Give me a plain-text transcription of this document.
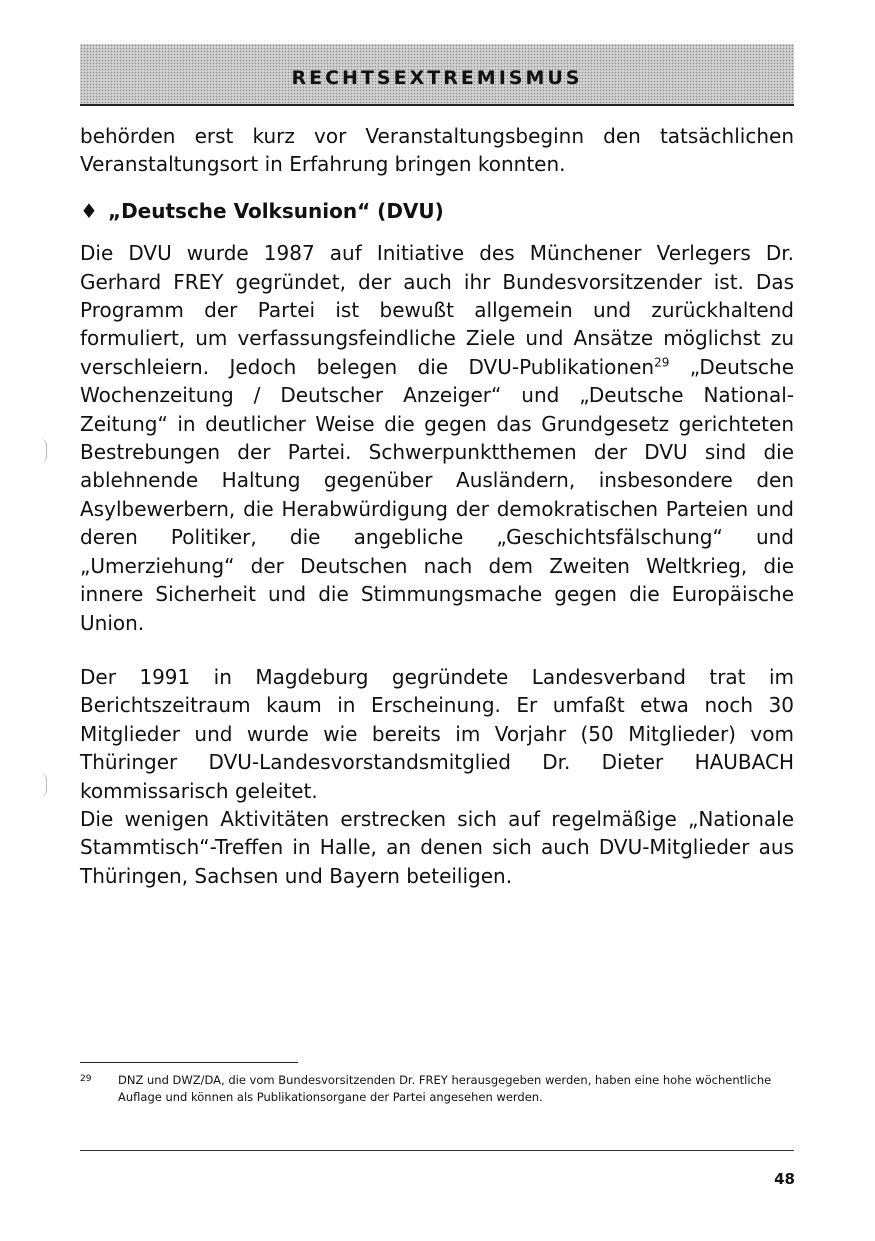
RECHTSEXTREMISMUS

behörden erst kurz vor Veranstaltungsbeginn den tatsächlichen Veranstaltungsort in Erfahrung bringen konnten.

♦ „Deutsche Volksunion“ (DVU)

Die DVU wurde 1987 auf Initiative des Münchener Verlegers Dr. Gerhard FREY gegründet, der auch ihr Bundesvorsitzender ist. Das Programm der Partei ist bewußt allgemein und zurückhaltend formuliert, um verfassungsfeindliche Ziele und Ansätze möglichst zu verschleiern. Jedoch belegen die DVU-Publikationen$^{29}$ „Deutsche Wochenzeitung / Deutscher Anzeiger“ und „Deutsche National-Zeitung“ in deutlicher Weise die gegen das Grundgesetz gerichteten Bestrebungen der Partei. Schwerpunktthemen der DVU sind die ablehnende Haltung gegenüber Ausländern, insbesondere den Asylbewerbern, die Herabwürdigung der demokratischen Parteien und deren Politiker, die angebliche „Geschichtsfälschung“ und „Umerziehung“ der Deutschen nach dem Zweiten Weltkrieg, die innere Sicherheit und die Stimmungsmache gegen die Europäische Union.

Der 1991 in Magdeburg gegründete Landesverband trat im Berichtszeitraum kaum in Erscheinung. Er umfaßt etwa noch 30 Mitglieder und wurde wie bereits im Vorjahr (50 Mitglieder) vom Thüringer DVU-Landesvorstandsmitglied Dr. Dieter HAUBACH kommissarisch geleitet.

Die wenigen Aktivitäten erstrecken sich auf regelmäßige „Nationale Stammtisch“-Treffen in Halle, an denen sich auch DVU-Mitglieder aus Thüringen, Sachsen und Bayern beteiligen.

29	DNZ und DWZ/DA, die vom Bundesvorsitzenden Dr. FREY herausgegeben werden, haben eine hohe wöchentliche Auflage und können als Publikationsorgane der Partei angesehen werden.
48
